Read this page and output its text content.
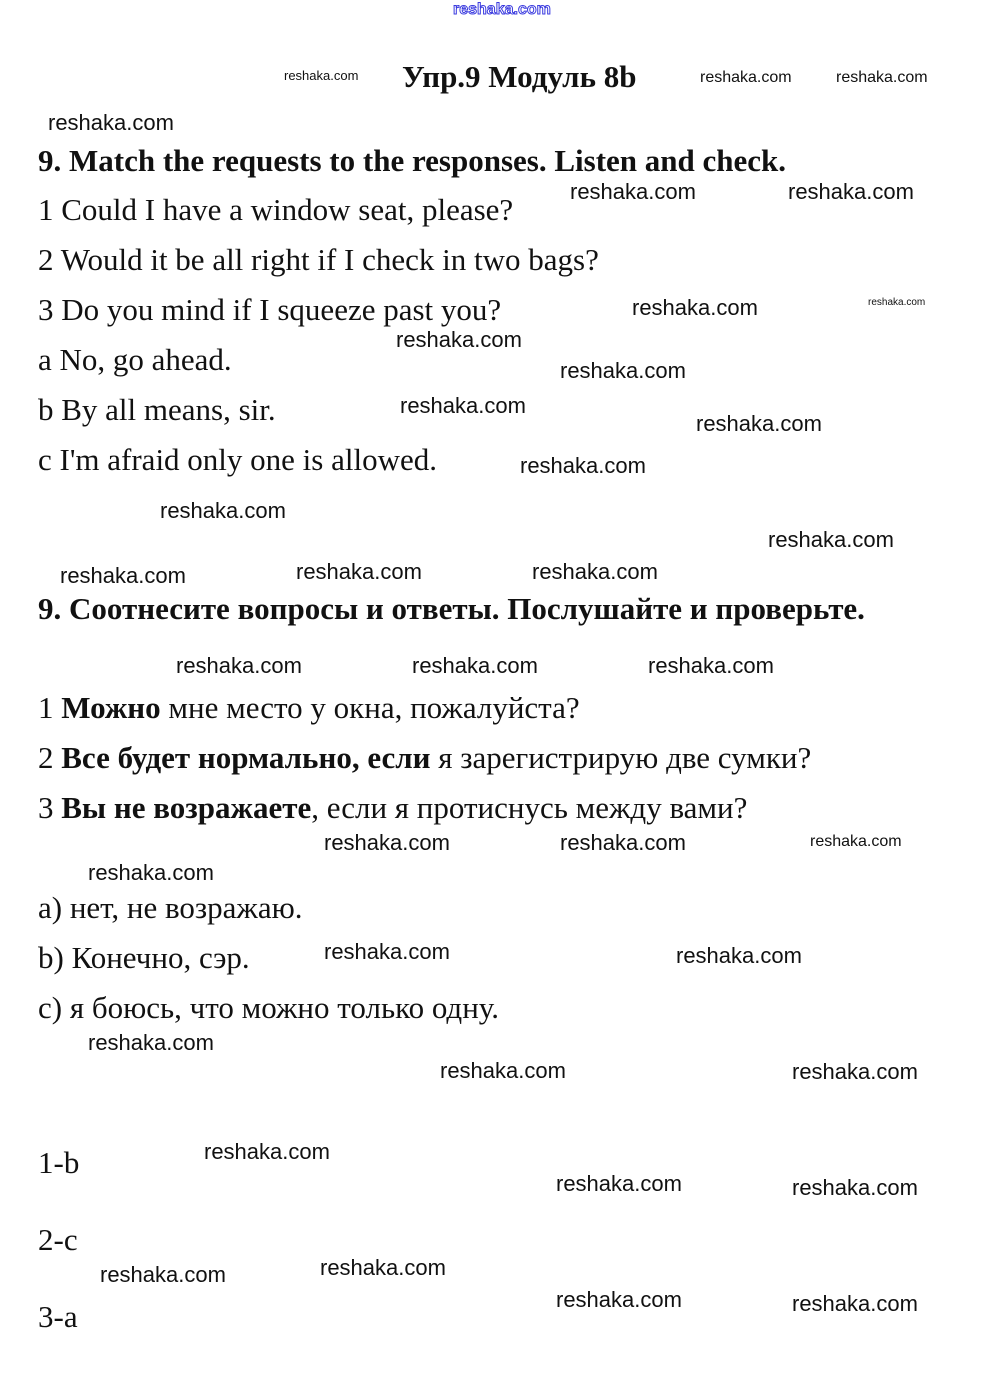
Упр.9 Модуль 8b
9. Match the requests to the responses. Listen and check.
1 Could I have a window seat, please?
2 Would it be all right if I check in two bags?
3 Do you mind if I squeeze past you?
a No, go ahead.
b By all means, sir.
c I'm afraid only one is allowed.
9. Соотнесите вопросы и ответы. Послушайте и проверьте.
1 Можно мне место у окна, пожалуйста?
2 Все будет нормально, если я зарегистрирую две сумки?
3 Вы не возражаете, если я протиснусь между вами?
a) нет, не возражаю.
b) Конечно, сэр.
c) я боюсь, что можно только одну.
1-b
2-c
3-a
reshaka.com
reshaka.com	reshaka.com	reshaka.com
reshaka.com
reshaka.com
reshaka.com	reshaka.com
reshaka.com
reshaka.com	reshaka.com
reshaka.com
reshaka.com
reshaka.com
reshaka.com
reshaka.com
reshaka.com	reshaka.com	reshaka.com
reshaka.com	reshaka.com	reshaka.com
reshaka.com
reshaka.com	reshaka.com
reshaka.com
reshaka.com	reshaka.com
reshaka.com
reshaka.com	reshaka.com
reshaka.com
reshaka.com	reshaka.com
reshaka.com	reshaka.com
reshaka.com	reshaka.com
